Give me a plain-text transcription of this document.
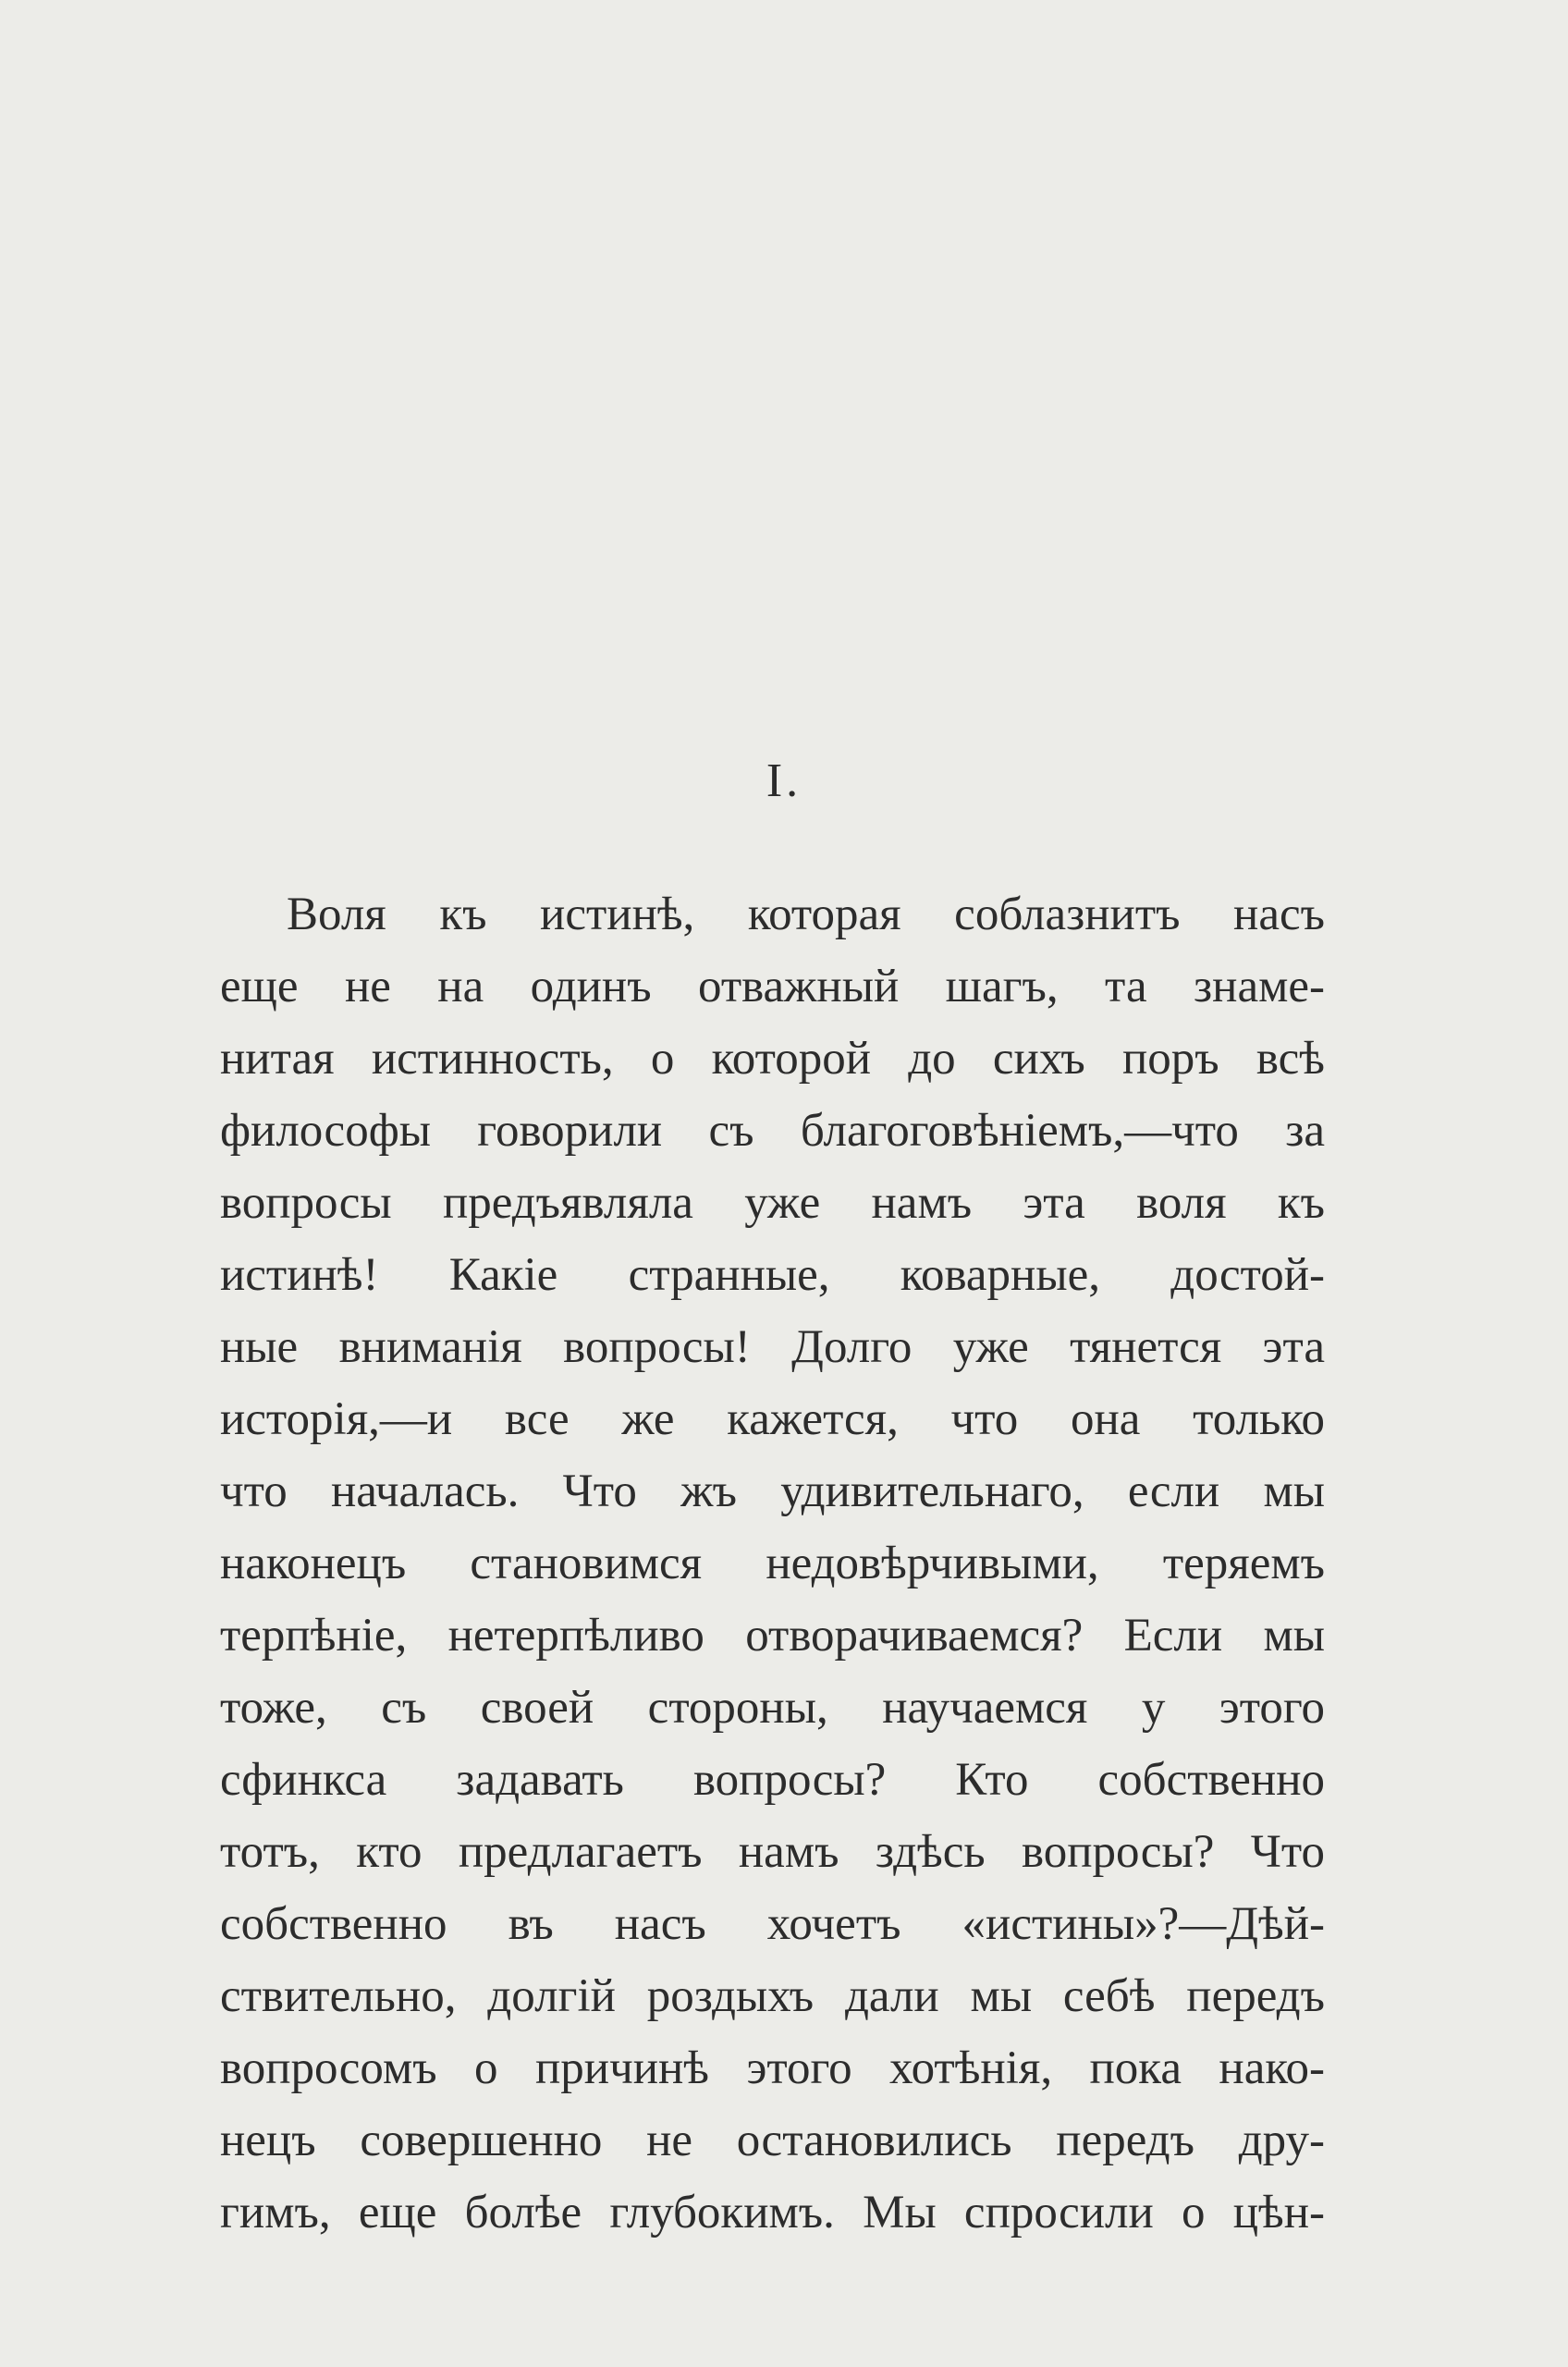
I.
Воля къ истинѣ, которая соблазнитъ насъ
еще не на одинъ отважный шагъ, та знаме-
нитая истинность, о которой до сихъ поръ всѣ
философы говорили съ благоговѣніемъ,—что за
вопросы предъявляла уже намъ эта воля къ
истинѣ! Какіе странные, коварные, достой-
ные вниманія вопросы! Долго уже тянется эта
исторія,—и все же кажется, что она только
что началась. Что жъ удивительнаго, если мы
наконецъ становимся недовѣрчивыми, теряемъ
терпѣніе, нетерпѣливо отворачиваемся? Если мы
тоже, съ своей стороны, научаемся у этого
сфинкса задавать вопросы? Кто собственно
тотъ, кто предлагаетъ намъ здѣсь вопросы? Что
собственно въ насъ хочетъ «истины»?—Дѣй-
ствительно, долгій роздыхъ дали мы себѣ передъ
вопросомъ о причинѣ этого хотѣнія, пока нако-
нецъ совершенно не остановились передъ дру-
гимъ, еще болѣе глубокимъ. Мы спросили о цѣн-
